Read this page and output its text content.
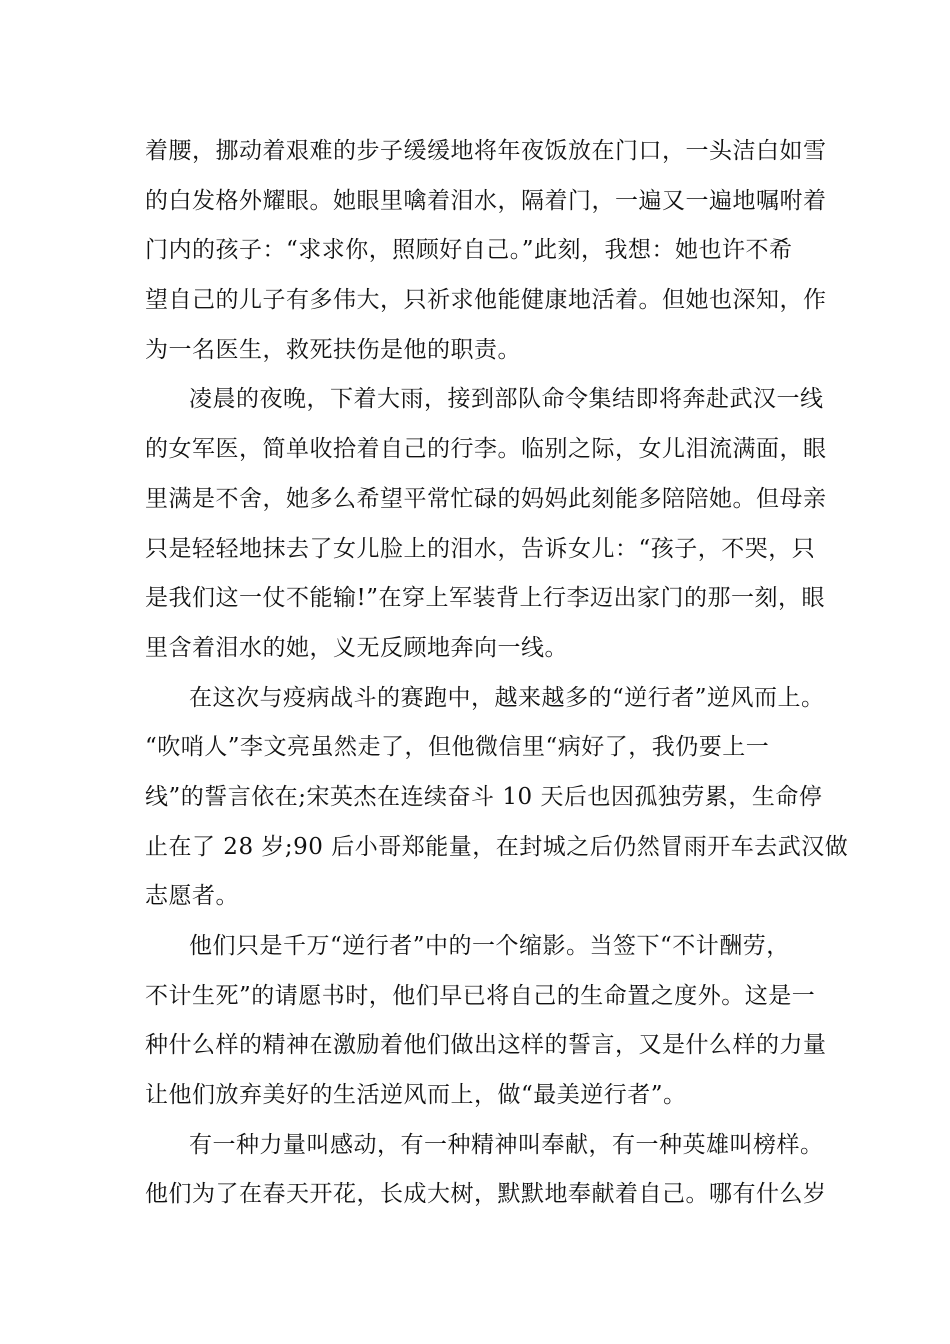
着腰，挪动着艰难的步子缓缓地将年夜饭放在门口，一头洁白如雪
的白发格外耀眼。她眼里噙着泪水，隔着门，一遍又一遍地嘱咐着
门内的孩子：“求求你，照顾好自己。”此刻，我想：她也许不希
望自己的儿子有多伟大，只祈求他能健康地活着。但她也深知，作
为一名医生，救死扶伤是他的职责。
凌晨的夜晚，下着大雨，接到部队命令集结即将奔赴武汉一线
的女军医，简单收拾着自己的行李。临别之际，女儿泪流满面，眼
里满是不舍，她多么希望平常忙碌的妈妈此刻能多陪陪她。但母亲
只是轻轻地抹去了女儿脸上的泪水，告诉女儿：“孩子，不哭，只
是我们这一仗不能输!”在穿上军装背上行李迈出家门的那一刻，眼
里含着泪水的她，义无反顾地奔向一线。
在这次与疫病战斗的赛跑中，越来越多的“逆行者”逆风而上。
“吹哨人”李文亮虽然走了，但他微信里“病好了，我仍要上一
线”的誓言依在;宋英杰在连续奋斗 10 天后也因孤独劳累，生命停
止在了 28 岁;90 后小哥郑能量，在封城之后仍然冒雨开车去武汉做
志愿者。
他们只是千万“逆行者”中的一个缩影。当签下“不计酬劳，
不计生死”的请愿书时，他们早已将自己的生命置之度外。这是一
种什么样的精神在激励着他们做出这样的誓言，又是什么样的力量
让他们放弃美好的生活逆风而上，做“最美逆行者”。
有一种力量叫感动，有一种精神叫奉献，有一种英雄叫榜样。
他们为了在春天开花，长成大树，默默地奉献着自己。哪有什么岁
